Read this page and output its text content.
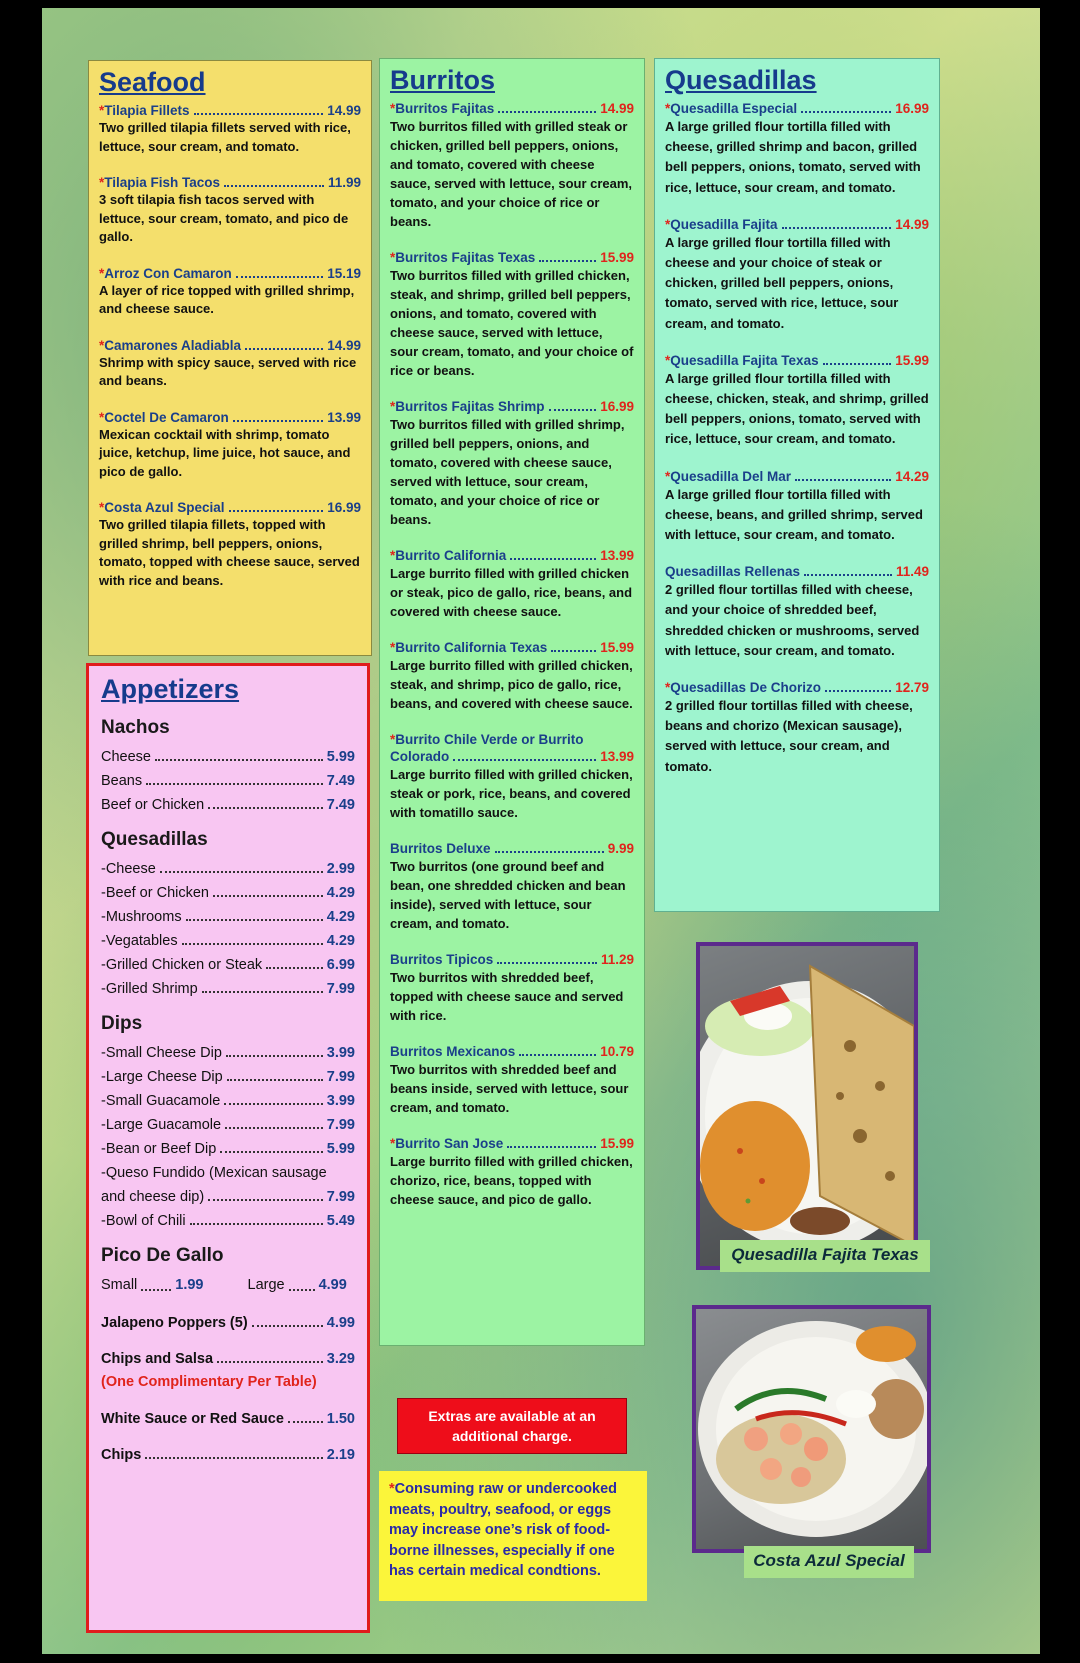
Seafood
* Tilapia Fillets	14.99
Two grilled tilapia fillets served with rice, lettuce, sour cream, and tomato.
* Tilapia Fish Tacos	11.99
3 soft tilapia fish tacos served with lettuce, sour cream, tomato, and pico de gallo.
* Arroz Con Camaron	15.19
A layer of rice topped with grilled shrimp, and cheese sauce.
* Camarones Aladiabla	14.99
Shrimp with spicy sauce, served with rice and beans.
* Coctel De Camaron	13.99
Mexican cocktail with shrimp, tomato juice, ketchup, lime juice, hot sauce, and pico de gallo.
* Costa Azul Special	16.99
Two grilled tilapia fillets, topped with grilled shrimp, bell peppers, onions, tomato, topped with cheese sauce, served with rice and beans.
Appetizers
Nachos
Cheese	5.99
Beans	7.49
Beef or Chicken	7.49
Quesadillas
-Cheese	2.99
-Beef or Chicken	4.29
-Mushrooms	4.29
-Vegatables	4.29
-Grilled Chicken or Steak	6.99
-Grilled Shrimp	7.99
Dips
-Small Cheese Dip	3.99
-Large Cheese Dip	7.99
-Small Guacamole	3.99
-Large Guacamole	7.99
-Bean or Beef Dip	5.99
-Queso Fundido (Mexican sausage
and cheese dip)	7.99
-Bowl of Chili	5.49
Pico De Gallo
Small	1.99	Large 4.99
Jalapeno Poppers (5)	4.99
Chips and Salsa	3.29
(One Complimentary Per Table)
White Sauce or Red Sauce	1.50
Chips	2.19
Burritos
* Burritos Fajitas	14.99
Two burritos filled with grilled steak or chicken, grilled bell peppers, onions, and tomato, covered with cheese sauce, served with lettuce, sour cream, tomato, and your choice of rice or beans.
* Burritos Fajitas Texas	15.99
Two burritos filled with grilled chicken, steak, and shrimp, grilled bell peppers, onions, and tomato, covered with cheese sauce, served with lettuce, sour cream, tomato, and your choice of rice or beans.
* Burritos Fajitas Shrimp	16.99
Two burritos filled with grilled shrimp, grilled bell peppers, onions, and tomato, covered with cheese sauce, served with lettuce, sour cream, tomato, and your choice of rice or beans.
* Burrito California	13.99
Large burrito filled with grilled chicken or steak, pico de gallo, rice, beans, and covered with cheese sauce.
* Burrito California Texas	15.99
Large burrito filled with grilled chicken, steak, and shrimp, pico de gallo, rice, beans, and covered with cheese sauce.
* Burrito Chile Verde or Burrito
Colorado	13.99
Large burrito filled with grilled chicken, steak or pork, rice, beans, and covered with tomatillo sauce.
Burritos Deluxe	9.99
Two burritos (one ground beef and bean, one shredded chicken and bean inside), served with lettuce, sour cream, and tomato.
Burritos Tipicos	11.29
Two burritos with shredded beef, topped with cheese sauce and served with rice.
Burritos Mexicanos	10.79
Two burritos with shredded beef and beans inside, served with lettuce, sour cream, and tomato.
* Burrito San Jose	15.99
Large burrito filled with grilled chicken, chorizo, rice, beans, topped with cheese sauce, and pico de gallo.
Quesadillas
* Quesadilla Especial	16.99
A large grilled flour tortilla filled with cheese, grilled shrimp and bacon, grilled bell peppers, onions, tomato, served with rice, lettuce, sour cream, and tomato.
* Quesadilla Fajita	14.99
A large grilled flour tortilla filled with cheese and your choice of steak or chicken, grilled bell peppers, onions, tomato, served with rice, lettuce, sour cream, and tomato.
* Quesadilla Fajita Texas	15.99
A large grilled flour tortilla filled with cheese, chicken, steak, and shrimp, grilled bell peppers, onions, tomato, served with rice, lettuce, sour cream, and tomato.
* Quesadilla Del Mar	14.29
A large grilled flour tortilla filled with cheese, beans, and grilled shrimp, served with lettuce, sour cream, and tomato.
Quesadillas Rellenas	11.49
2 grilled flour tortillas filled with cheese, and your choice of shredded beef, shredded chicken or mushrooms, served with lettuce, sour cream, and tomato.
* Quesadillas De Chorizo	12.79
2 grilled flour tortillas filled with cheese, beans and chorizo (Mexican sausage), served with lettuce, sour cream, and tomato.
Extras are available at an additional charge.
*Consuming raw or undercooked meats, poultry, seafood, or eggs may increase one’s risk of food-borne illnesses, especially if one has certain medical condtions.
Quesadilla Fajita Texas
Costa Azul Special
